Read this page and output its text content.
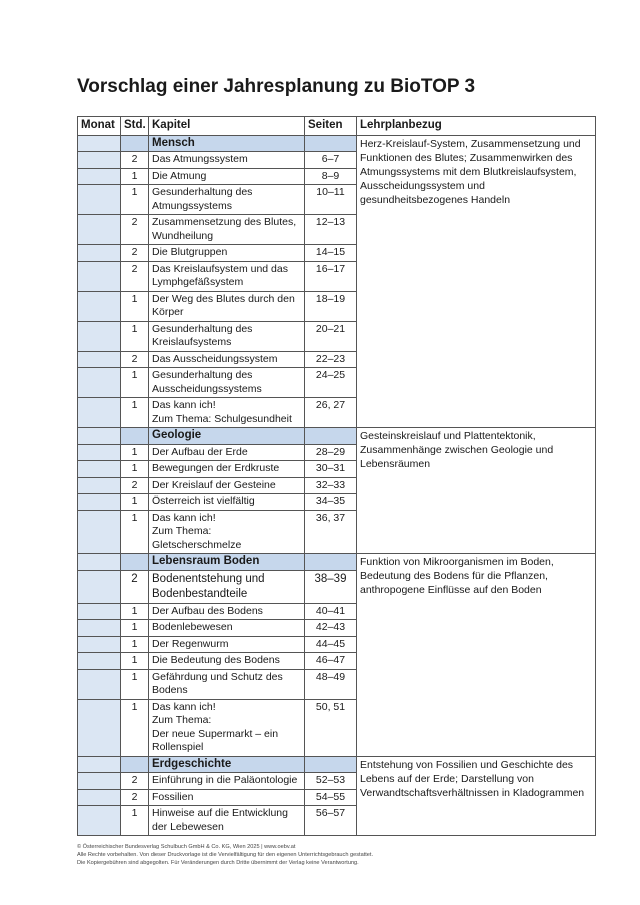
Vorschlag einer Jahresplanung zu BioTOP 3
Monat	Std.	Kapitel	Seiten	Lehrplanbezug
		Mensch		Herz-Kreislauf-System, Zusammensetzung und Funktionen des Blutes; Zusammenwirken des Atmungssystems mit dem Blutkreislaufsystem, Ausscheidungssystem und gesundheitsbezogenes Handeln
	2	Das Atmungssystem	6–7	
	1	Die Atmung	8–9	
	1	Gesunderhaltung des Atmungssystems	10–11	
	2	Zusammensetzung des Blutes, Wundheilung	12–13	
	2	Die Blutgruppen	14–15	
	2	Das Kreislaufsystem und das Lymphgefäßsystem	16–17	
	1	Der Weg des Blutes durch den Körper	18–19	
	1	Gesunderhaltung des Kreislaufsystems	20–21	
	2	Das Ausscheidungssystem	22–23	
	1	Gesunderhaltung des Ausscheidungssystems	24–25	
	1	Das kann ich!
Zum Thema: Schulgesundheit	26, 27	
		Geologie		Gesteinskreislauf und Plattentektonik, Zusammenhänge zwischen Geologie und Lebensräumen
	1	Der Aufbau der Erde	28–29	
	1	Bewegungen der Erdkruste	30–31	
	2	Der Kreislauf der Gesteine	32–33	
	1	Österreich ist vielfältig	34–35	
	1	Das kann ich!
Zum Thema: Gletscherschmelze	36, 37	
		Lebensraum Boden		Funktion von Mikroorganismen im Boden, Bedeutung des Bodens für die Pflanzen, anthropogene Einflüsse auf den Boden
	2	Bodenentstehung und Bodenbestandteile	38–39	
	1	Der Aufbau des Bodens	40–41	
	1	Bodenlebewesen	42–43	
	1	Der Regenwurm	44–45	
	1	Die Bedeutung des Bodens	46–47	
	1	Gefährdung und Schutz des Bodens	48–49	
	1	Das kann ich!
Zum Thema:
Der neue Supermarkt – ein Rollenspiel	50, 51	
		Erdgeschichte		Entstehung von Fossilien und Geschichte des Lebens auf der Erde; Darstellung von Verwandtschaftsverhältnissen in Kladogrammen
	2	Einführung in die Paläontologie	52–53	
	2	Fossilien	54–55	
	1	Hinweise auf die Entwicklung der Lebewesen	56–57	
© Österreichischer Bundesverlag Schulbuch GmbH & Co. KG, Wien 2025 | www.oebv.at
Alle Rechte vorbehalten. Von dieser Druckvorlage ist die Vervielfältigung für den eigenen Unterrichtsgebrauch gestattet.
Die Kopiergebühren sind abgegolten. Für Veränderungen durch Dritte übernimmt der Verlag keine Verantwortung.
